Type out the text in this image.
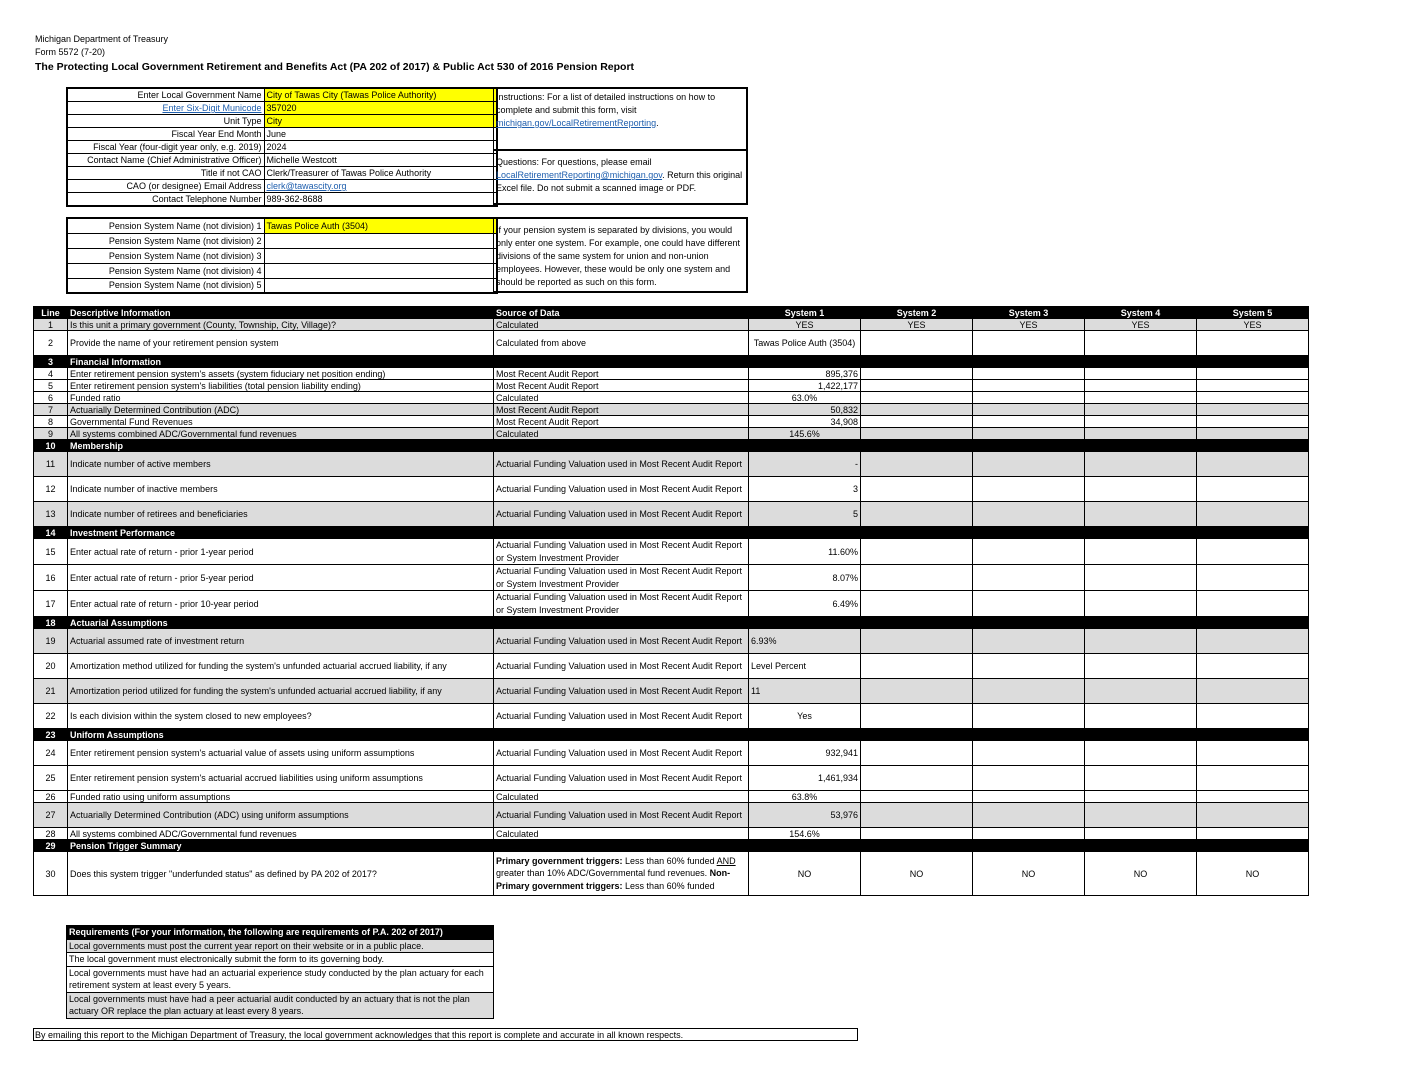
Michigan Department of Treasury
Form 5572 (7-20)
The Protecting Local Government Retirement and Benefits Act (PA 202 of 2017) & Public Act 530 of 2016 Pension Report
Enter Local Government Name	City of Tawas City (Tawas Police Authority)
Enter Six-Digit Municode	357020
Unit Type	City
Fiscal Year End Month	June
Fiscal Year (four-digit year only, e.g. 2019)	2024
Contact Name (Chief Administrative Officer)	Michelle Westcott
Title if not CAO	Clerk/Treasurer of Tawas Police Authority
CAO (or designee) Email Address	clerk@tawascity.org
Contact Telephone Number	989-362-8688
Instructions: For a list of detailed instructions on how to complete and submit this form, visit michigan.gov/LocalRetirementReporting.
Questions: For questions, please email LocalRetirementReporting@michigan.gov. Return this original Excel file. Do not submit a scanned image or PDF.
Pension System Name (not division) 1	Tawas Police Auth (3504)
Pension System Name (not division) 2	
Pension System Name (not division) 3	
Pension System Name (not division) 4	
Pension System Name (not division) 5	
If your pension system is separated by divisions, you would only enter one system. For example, one could have different divisions of the same system for union and non-union employees. However, these would be only one system and should be reported as such on this form.
Line	Descriptive Information	Source of Data	System 1	System 2	System 3	System 4	System 5
1	Is this unit a primary government (County, Township, City, Village)?	Calculated	YES	YES	YES	YES	YES
2	Provide the name of your retirement pension system	Calculated from above	Tawas Police Auth (3504)				
3	Financial Information						
4	Enter retirement pension system's assets (system fiduciary net position ending)	Most Recent Audit Report	895,376				
5	Enter retirement pension system's liabilities (total pension liability ending)	Most Recent Audit Report	1,422,177				
6	Funded ratio	Calculated	63.0%				
7	Actuarially Determined Contribution (ADC)	Most Recent Audit Report	50,832				
8	Governmental Fund Revenues	Most Recent Audit Report	34,908				
9	All systems combined ADC/Governmental fund revenues	Calculated	145.6%				
10	Membership						
11	Indicate number of active members	Actuarial Funding Valuation used in Most Recent Audit Report	-				
12	Indicate number of inactive members	Actuarial Funding Valuation used in Most Recent Audit Report	3				
13	Indicate number of retirees and beneficiaries	Actuarial Funding Valuation used in Most Recent Audit Report	5				
14	Investment Performance						
15	Enter actual rate of return - prior 1-year period	Actuarial Funding Valuation used in Most Recent Audit Report or System Investment Provider	11.60%				
16	Enter actual rate of return - prior 5-year period	Actuarial Funding Valuation used in Most Recent Audit Report or System Investment Provider	8.07%				
17	Enter actual rate of return - prior 10-year period	Actuarial Funding Valuation used in Most Recent Audit Report or System Investment Provider	6.49%				
18	Actuarial Assumptions						
19	Actuarial assumed rate of investment return	Actuarial Funding Valuation used in Most Recent Audit Report	6.93%				
20	Amortization method utilized for funding the system's unfunded actuarial accrued liability, if any	Actuarial Funding Valuation used in Most Recent Audit Report	Level Percent				
21	Amortization period utilized for funding the system's unfunded actuarial accrued liability, if any	Actuarial Funding Valuation used in Most Recent Audit Report	11				
22	Is each division within the system closed to new employees?	Actuarial Funding Valuation used in Most Recent Audit Report	Yes				
23	Uniform Assumptions						
24	Enter retirement pension system's actuarial value of assets using uniform assumptions	Actuarial Funding Valuation used in Most Recent Audit Report	932,941				
25	Enter retirement pension system's actuarial accrued liabilities using uniform assumptions	Actuarial Funding Valuation used in Most Recent Audit Report	1,461,934				
26	Funded ratio using uniform assumptions	Calculated	63.8%				
27	Actuarially Determined Contribution (ADC) using uniform assumptions	Actuarial Funding Valuation used in Most Recent Audit Report	53,976				
28	All systems combined ADC/Governmental fund revenues	Calculated	154.6%				
29	Pension Trigger Summary						
30	Does this system trigger "underfunded status" as defined by PA 202 of 2017?	Primary government triggers: Less than 60% funded AND greater than 10% ADC/Governmental fund revenues. Non-Primary government triggers: Less than 60% funded	NO	NO	NO	NO	NO
Requirements (For your information, the following are requirements of P.A. 202 of 2017)
Local governments must post the current year report on their website or in a public place.
The local government must electronically submit the form to its governing body.
Local governments must have had an actuarial experience study conducted by the plan actuary for each retirement system at least every 5 years.
Local governments must have had a peer actuarial audit conducted by an actuary that is not the plan actuary OR replace the plan actuary at least every 8 years.
By emailing this report to the Michigan Department of Treasury, the local government acknowledges that this report is complete and accurate in all known respects.
